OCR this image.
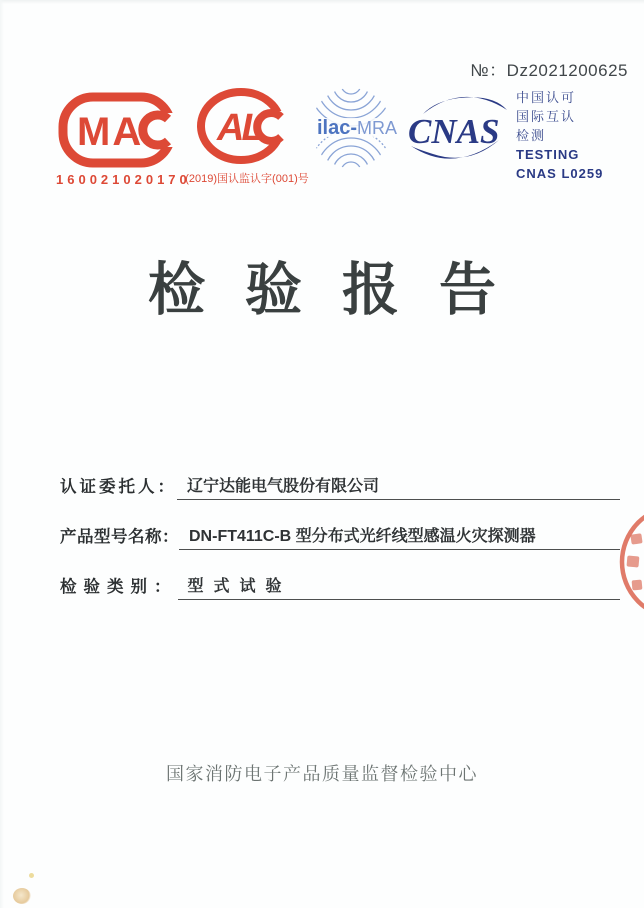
№：Dz2021200625
MA
160021020170
AL
(2019)国认监认字(001)号
ilac-MRA CNAS
中国认可
国际互认
检测
TESTING
CNAS L0259
检验报告
认证委托人： 辽宁达能电气股份有限公司
产品型号名称： DN-FT411C-B 型分布式光纤线型感温火灾探测器
检验类别： 型式试验
国家消防电子产品质量监督检验中心
